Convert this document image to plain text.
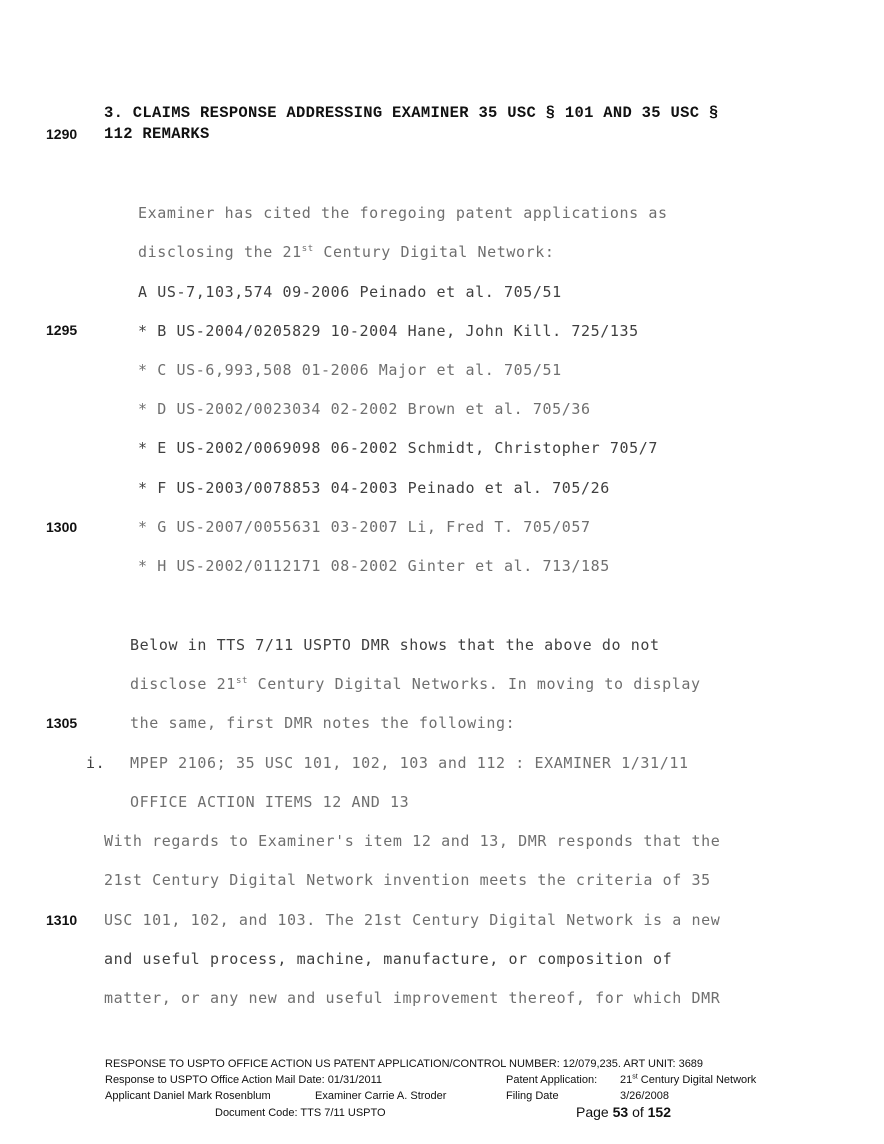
3. CLAIMS RESPONSE ADDRESSING EXAMINER 35 USC § 101 AND 35 USC §
112 REMARKS
1290
1295
1300
1305
1310
Examiner has cited the foregoing patent applications as
disclosing the 21st Century Digital Network:
A US-7,103,574 09-2006 Peinado et al. 705/51
* B US-2004/0205829 10-2004 Hane, John Kill. 725/135
* C US-6,993,508 01-2006 Major et al. 705/51
* D US-2002/0023034 02-2002 Brown et al. 705/36
* E US-2002/0069098 06-2002 Schmidt, Christopher 705/7
* F US-2003/0078853 04-2003 Peinado et al. 705/26
* G US-2007/0055631 03-2007 Li, Fred T. 705/057
* H US-2002/0112171 08-2002 Ginter et al. 713/185
Below in TTS 7/11 USPTO DMR shows that the above do not
disclose 21st Century Digital Networks. In moving to display
the same, first DMR notes the following:
i. MPEP 2106; 35 USC 101, 102, 103 and 112 : EXAMINER 1/31/11
OFFICE ACTION ITEMS 12 AND 13
With regards to Examiner's item 12 and 13, DMR responds that the
21st Century Digital Network invention meets the criteria of 35
USC 101, 102, and 103. The 21st Century Digital Network is a new
and useful process, machine, manufacture, or composition of
matter, or any new and useful improvement thereof, for which DMR
RESPONSE TO USPTO OFFICE ACTION US PATENT APPLICATION/CONTROL NUMBER: 12/079,235. ART UNIT: 3689
Response to USPTO Office Action Mail Date: 01/31/2011	Patent Application: 21st Century Digital Network
Applicant Daniel Mark Rosenblum	Examiner Carrie A. Stroder	Filing Date	3/26/2008
Document Code: TTS 7/11 USPTO	Page 53 of 152
